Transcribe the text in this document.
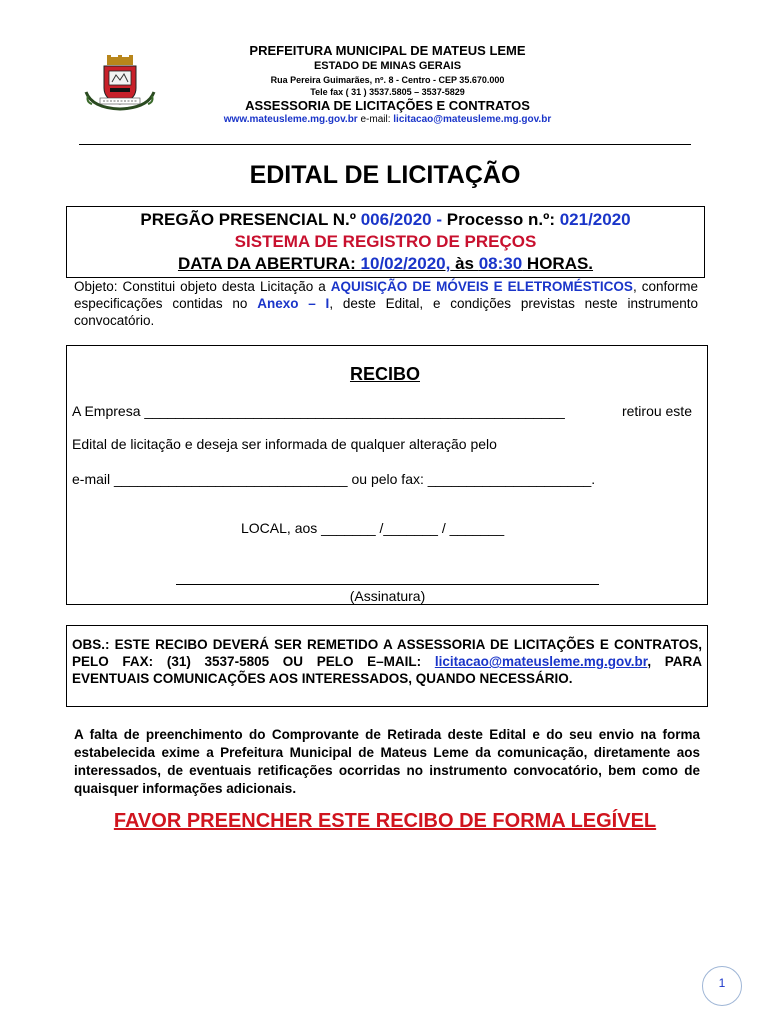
PREFEITURA MUNICIPAL DE MATEUS LEME
ESTADO DE MINAS GERAIS
Rua Pereira Guimarães, nº. 8 - Centro - CEP 35.670.000
Tele fax ( 31 ) 3537.5805 – 3537-5829
ASSESSORIA DE LICITAÇÕES E CONTRATOS
www.mateusleme.mg.gov.br e-mail: licitacao@mateusleme.mg.gov.br
EDITAL DE LICITAÇÃO
PREGÃO PRESENCIAL N.º 006/2020 - Processo n.º: 021/2020
SISTEMA DE REGISTRO DE PREÇOS
DATA DA ABERTURA: 10/02/2020, às 08:30 HORAS.
Objeto: Constitui objeto desta Licitação a AQUISIÇÃO DE MÓVEIS E ELETROMÉSTICOS, conforme especificações contidas no Anexo – I, deste Edital, e condições previstas neste instrumento convocatório.
RECIBO
A Empresa ______________________________________________________	retirou este
Edital de licitação e deseja ser informada de qualquer alteração pelo
e-mail ______________________________ ou pelo fax: _____________________.
LOCAL, aos _______ /_______ / _______
(Assinatura)
OBS.: ESTE RECIBO DEVERÁ SER REMETIDO A ASSESSORIA DE LICITAÇÕES E CONTRATOS, PELO FAX: (31) 3537-5805 OU PELO E–MAIL: licitacao@mateusleme.mg.gov.br, PARA EVENTUAIS COMUNICAÇÕES AOS INTERESSADOS, QUANDO NECESSÁRIO.
A falta de preenchimento do Comprovante de Retirada deste Edital e do seu envio na forma estabelecida exime a Prefeitura Municipal de Mateus Leme da comunicação, diretamente aos interessados, de eventuais retificações ocorridas no instrumento convocatório, bem como de quaisquer informações adicionais.
FAVOR PREENCHER ESTE RECIBO DE FORMA LEGÍVEL
1
